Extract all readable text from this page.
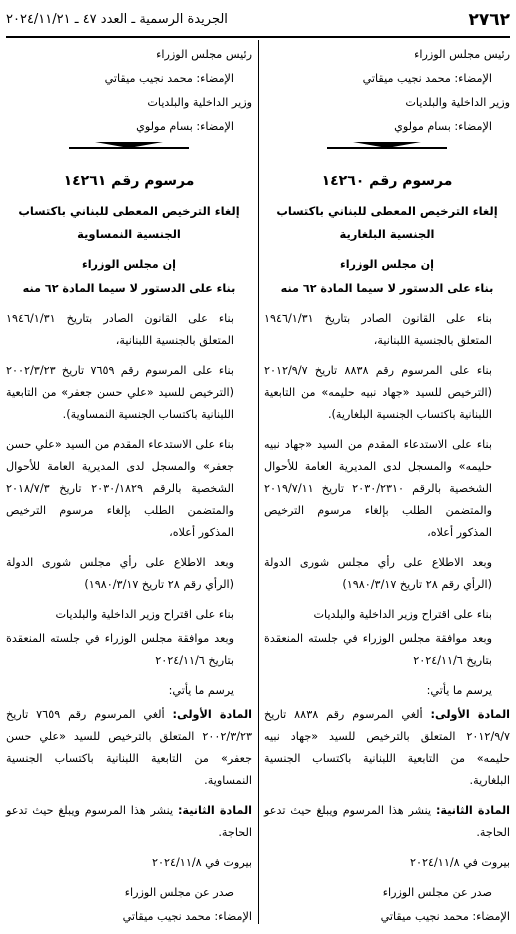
٢٧٦٢
الجريدة الرسمية ـ العدد ٤٧ ـ ٢٠٢٤/١١/٢١

رئيس مجلس الوزراء

الإمضاء: محمد نجيب ميقاتي

وزير الداخلية والبلديات

الإمضاء: بسام مولوي

مرسوم رقم ١٤٢٦٠

إلغاء الترخيص المعطى للبناني باكتساب الجنسية البلغارية

إن مجلس الوزراء

بناء على الدستور لا سيما المادة ٦٢ منه

بناء على القانون الصادر بتاريخ ١٩٤٦/١/٣١ المتعلق بالجنسية اللبنانية،

بناء على المرسوم رقم ٨٨٣٨ تاريخ ٢٠١٢/٩/٧ (الترخيص للسيد «جهاد نبيه حليمه» من التابعية اللبنانية باكتساب الجنسية البلغارية).

بناء على الاستدعاء المقدم من السيد «جهاد نبيه حليمه» والمسجل لدى المديرية العامة للأحوال الشخصية بالرقم ٢٠٣٠/٢٣١٠ تاريخ ٢٠١٩/٧/١١ والمتضمن الطلب بإلغاء مرسوم الترخيص المذكور أعلاه،

وبعد الاطلاع على رأي مجلس شورى الدولة (الرأي رقم ٢٨ تاريخ ١٩٨٠/٣/١٧)

بناء على اقتراح وزير الداخلية والبلديات

وبعد موافقة مجلس الوزراء في جلسته المنعقدة بتاريخ ٢٠٢٤/١١/٦

يرسم ما يأتي:

المادة الأولى: ألغي المرسوم رقم ٨٨٣٨ تاريخ ٢٠١٢/٩/٧ المتعلق بالترخيص للسيد «جهاد نبيه حليمه» من التابعية اللبنانية باكتساب الجنسية البلغارية.

المادة الثانية: ينشر هذا المرسوم ويبلغ حيث تدعو الحاجة.

بيروت في ٢٠٢٤/١١/٨

صدر عن مجلس الوزراء

الإمضاء: محمد نجيب ميقاتي

رئيس مجلس الوزراء

الإمضاء: محمد نجيب ميقاتي

وزير الداخلية والبلديات

الإمضاء: بسام مولوي

مرسوم رقم ١٤٢٦١

إلغاء الترخيص المعطى للبناني باكتساب الجنسية النمساوية

إن مجلس الوزراء

بناء على الدستور لا سيما المادة ٦٢ منه

بناء على القانون الصادر بتاريخ ١٩٤٦/١/٣١ المتعلق بالجنسية اللبنانية،

بناء على المرسوم رقم ٧٦٥٩ تاريخ ٢٠٠٢/٣/٢٣ (الترخيص للسيد «علي حسن جعفر» من التابعية اللبنانية باكتساب الجنسية النمساوية).

بناء على الاستدعاء المقدم من السيد «علي حسن جعفر» والمسجل لدى المديرية العامة للأحوال الشخصية بالرقم ٢٠٣٠/١٨٢٩ تاريخ ٢٠١٨/٧/٣ والمتضمن الطلب بإلغاء مرسوم الترخيص المذكور أعلاه،

وبعد الاطلاع على رأي مجلس شورى الدولة (الرأي رقم ٢٨ تاريخ ١٩٨٠/٣/١٧)

بناء على اقتراح وزير الداخلية والبلديات

وبعد موافقة مجلس الوزراء في جلسته المنعقدة بتاريخ ٢٠٢٤/١١/٦

يرسم ما يأتي:

المادة الأولى: ألغي المرسوم رقم ٧٦٥٩ تاريخ ٢٠٠٢/٣/٢٣ المتعلق بالترخيص للسيد «علي حسن جعفر» من التابعية اللبنانية باكتساب الجنسية النمساوية.

المادة الثانية: ينشر هذا المرسوم ويبلغ حيث تدعو الحاجة.

بيروت في ٢٠٢٤/١١/٨

صدر عن مجلس الوزراء

الإمضاء: محمد نجيب ميقاتي
